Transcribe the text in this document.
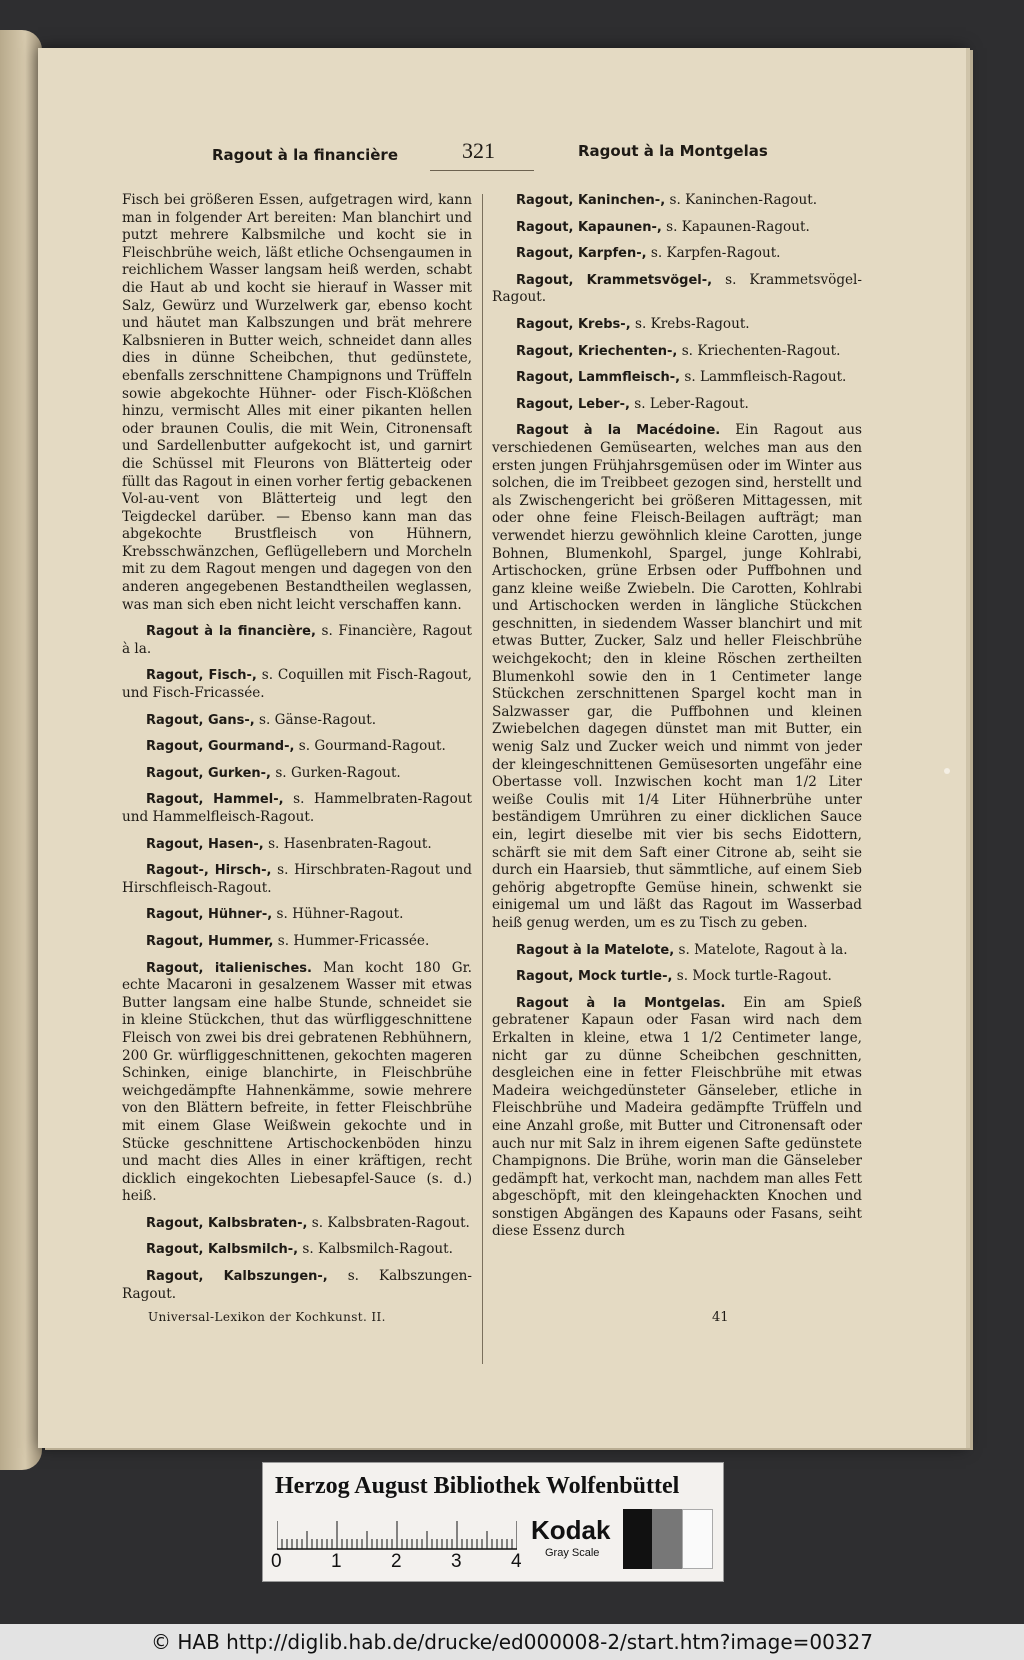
Ragout à la financière	321	Ragout à la Montgelas

Fisch bei größeren Essen, aufgetragen wird, kann man in folgender Art bereiten: Man blanchirt und putzt mehrere Kalbsmilche und kocht sie in Fleischbrühe weich, läßt etliche Ochsengaumen in reichlichem Wasser langsam heiß werden, schabt die Haut ab und kocht sie hierauf in Wasser mit Salz, Gewürz und Wurzelwerk gar, ebenso kocht und häutet man Kalbszungen und brät mehrere Kalbsnieren in Butter weich, schneidet dann alles dies in dünne Scheibchen, thut gedünstete, ebenfalls zerschnittene Champignons und Trüffeln sowie abgekochte Hühner- oder Fisch-Klößchen hinzu, vermischt Alles mit einer pikanten hellen oder braunen Coulis, die mit Wein, Citronensaft und Sardellenbutter aufgekocht ist, und garnirt die Schüssel mit Fleurons von Blätterteig oder füllt das Ragout in einen vorher fertig gebackenen Vol-au-vent von Blätterteig und legt den Teigdeckel darüber. — Ebenso kann man das abgekochte Brustfleisch von Hühnern, Krebsschwänzchen, Geflügellebern und Morcheln mit zu dem Ragout mengen und dagegen von den anderen angegebenen Bestandtheilen weglassen, was man sich eben nicht leicht verschaffen kann.

Ragout à la financière, s. Financière, Ragout à la.

Ragout, Fisch-, s. Coquillen mit Fisch-Ragout, und Fisch-Fricassée.

Ragout, Gans-, s. Gänse-Ragout.

Ragout, Gourmand-, s. Gourmand-Ragout.

Ragout, Gurken-, s. Gurken-Ragout.

Ragout, Hammel-, s. Hammelbraten-Ragout und Hammelfleisch-Ragout.

Ragout, Hasen-, s. Hasenbraten-Ragout.

Ragout-, Hirsch-, s. Hirschbraten-Ragout und Hirschfleisch-Ragout.

Ragout, Hühner-, s. Hühner-Ragout.

Ragout, Hummer, s. Hummer-Fricassée.

Ragout, italienisches. Man kocht 180 Gr. echte Macaroni in gesalzenem Wasser mit etwas Butter langsam eine halbe Stunde, schneidet sie in kleine Stückchen, thut das würfliggeschnittene Fleisch von zwei bis drei gebratenen Rebhühnern, 200 Gr. würfliggeschnittenen, gekochten mageren Schinken, einige blanchirte, in Fleischbrühe weichgedämpfte Hahnenkämme, sowie mehrere von den Blättern befreite, in fetter Fleischbrühe mit einem Glase Weißwein gekochte und in Stücke geschnittene Artischockenböden hinzu und macht dies Alles in einer kräftigen, recht dicklich eingekochten Liebesapfel-Sauce (s. d.) heiß.

Ragout, Kalbsbraten-, s. Kalbsbraten-Ragout.

Ragout, Kalbsmilch-, s. Kalbsmilch-Ragout.

Ragout, Kalbszungen-, s. Kalbszungen-Ragout.

Ragout, Kaninchen-, s. Kaninchen-Ragout.

Ragout, Kapaunen-, s. Kapaunen-Ragout.

Ragout, Karpfen-, s. Karpfen-Ragout.

Ragout, Krammetsvögel-, s. Krammetsvögel-Ragout.

Ragout, Krebs-, s. Krebs-Ragout.

Ragout, Kriechenten-, s. Kriechenten-Ragout.

Ragout, Lammfleisch-, s. Lammfleisch-Ragout.

Ragout, Leber-, s. Leber-Ragout.

Ragout à la Macédoine. Ein Ragout aus verschiedenen Gemüsearten, welches man aus den ersten jungen Frühjahrsgemüsen oder im Winter aus solchen, die im Treibbeet gezogen sind, herstellt und als Zwischengericht bei größeren Mittagessen, mit oder ohne feine Fleisch-Beilagen aufträgt; man verwendet hierzu gewöhnlich kleine Carotten, junge Bohnen, Blumenkohl, Spargel, junge Kohlrabi, Artischocken, grüne Erbsen oder Puffbohnen und ganz kleine weiße Zwiebeln. Die Carotten, Kohlrabi und Artischocken werden in längliche Stückchen geschnitten, in siedendem Wasser blanchirt und mit etwas Butter, Zucker, Salz und heller Fleischbrühe weichgekocht; den in kleine Röschen zertheilten Blumenkohl sowie den in 1 Centimeter lange Stückchen zerschnittenen Spargel kocht man in Salzwasser gar, die Puffbohnen und kleinen Zwiebelchen dagegen dünstet man mit Butter, ein wenig Salz und Zucker weich und nimmt von jeder der kleingeschnittenen Gemüsesorten ungefähr eine Obertasse voll. Inzwischen kocht man 1/2 Liter weiße Coulis mit 1/4 Liter Hühnerbrühe unter beständigem Umrühren zu einer dicklichen Sauce ein, legirt dieselbe mit vier bis sechs Eidottern, schärft sie mit dem Saft einer Citrone ab, seiht sie durch ein Haarsieb, thut sämmtliche, auf einem Sieb gehörig abgetropfte Gemüse hinein, schwenkt sie einigemal um und läßt das Ragout im Wasserbad heiß genug werden, um es zu Tisch zu geben.

Ragout à la Matelote, s. Matelote, Ragout à la.

Ragout, Mock turtle-, s. Mock turtle-Ragout.

Ragout à la Montgelas. Ein am Spieß gebratener Kapaun oder Fasan wird nach dem Erkalten in kleine, etwa 1 1/2 Centimeter lange, nicht gar zu dünne Scheibchen geschnitten, desgleichen eine in fetter Fleischbrühe mit etwas Madeira weichgedünsteter Gänseleber, etliche in Fleischbrühe und Madeira gedämpfte Trüffeln und eine Anzahl große, mit Butter und Citronensaft oder auch nur mit Salz in ihrem eigenen Safte gedünstete Champignons. Die Brühe, worin man die Gänseleber gedämpft hat, verkocht man, nachdem man alles Fett abgeschöpft, mit den kleingehackten Knochen und sonstigen Abgängen des Kapauns oder Fasans, seiht diese Essenz durch

Universal-Lexikon der Kochkunst. II.	41
Herzog August Bibliothek Wolfenbüttel
0	1	2	3	4
Kodak
Gray Scale
© HAB http://diglib.hab.de/drucke/ed000008-2/start.htm?image=00327
